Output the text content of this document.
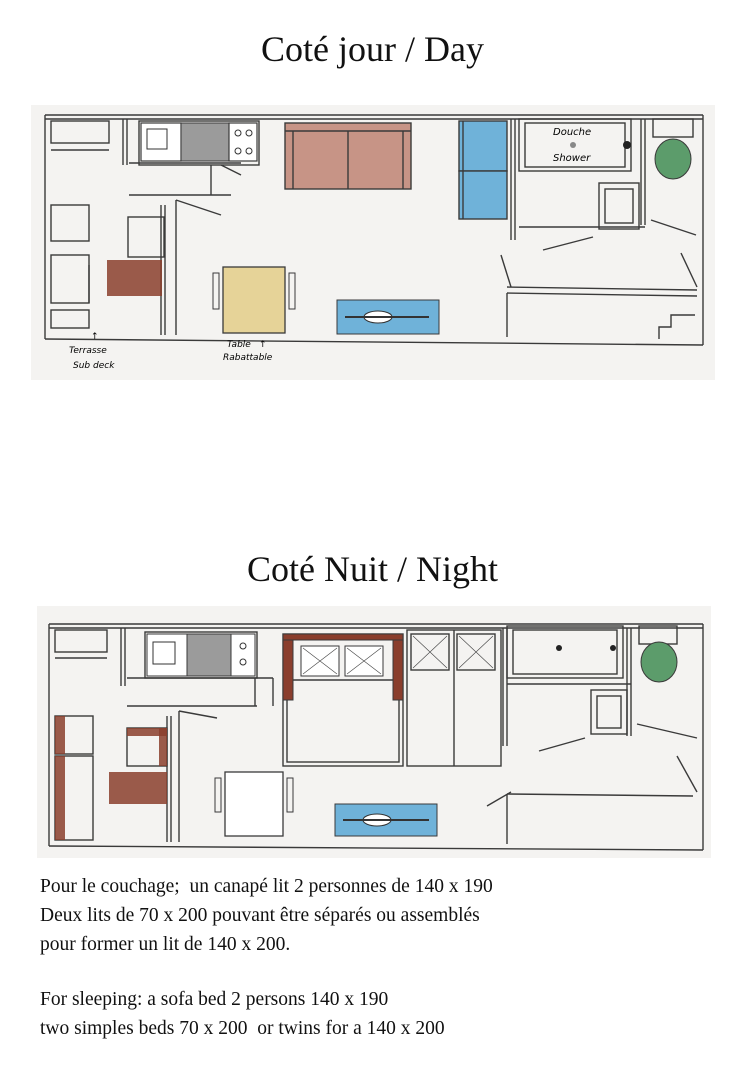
Coté jour / Day
Douche
Shower
↑
Terrasse
Sub deck
Table ↑
Rabattable
Coté Nuit / Night

Pour le couchage;  un canapé lit 2 personnes de 140 x 190
Deux lits de 70 x 200 pouvant être séparés ou assemblés
pour former un lit de 140 x 200.

For sleeping: a sofa bed 2 persons 140 x 190
two simples beds 70 x 200  or twins for a 140 x 200
